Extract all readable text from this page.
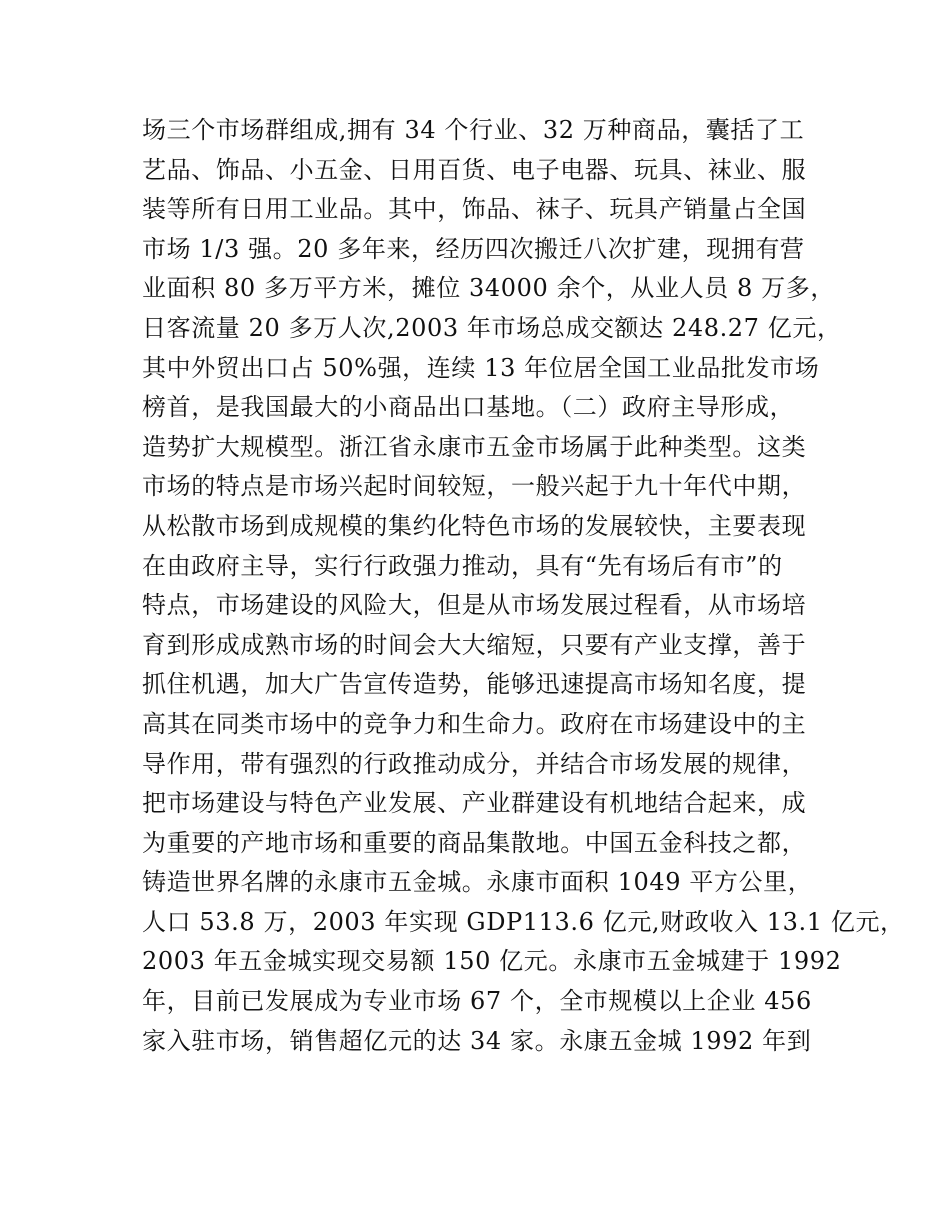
场三个市场群组成,拥有 34 个行业、32 万种商品，囊括了工
艺品、饰品、小五金、日用百货、电子电器、玩具、袜业、服
装等所有日用工业品。其中，饰品、袜子、玩具产销量占全国
市场 1/3 强。20 多年来，经历四次搬迁八次扩建，现拥有营
业面积 80 多万平方米，摊位 34000 余个，从业人员 8 万多，
日客流量 20 多万人次,2003 年市场总成交额达 248.27 亿元，
其中外贸出口占 50%强，连续 13 年位居全国工业品批发市场
榜首，是我国最大的小商品出口基地。（二）政府主导形成，
造势扩大规模型。浙江省永康市五金市场属于此种类型。这类
市场的特点是市场兴起时间较短，一般兴起于九十年代中期，
从松散市场到成规模的集约化特色市场的发展较快，主要表现
在由政府主导，实行行政强力推动，具有“先有场后有市”的
特点，市场建设的风险大，但是从市场发展过程看，从市场培
育到形成成熟市场的时间会大大缩短，只要有产业支撑，善于
抓住机遇，加大广告宣传造势，能够迅速提高市场知名度，提
高其在同类市场中的竞争力和生命力。政府在市场建设中的主
导作用，带有强烈的行政推动成分，并结合市场发展的规律，
把市场建设与特色产业发展、产业群建设有机地结合起来，成
为重要的产地市场和重要的商品集散地。中国五金科技之都，
铸造世界名牌的永康市五金城。永康市面积 1049 平方公里，
人口 53.8 万，2003 年实现 GDP113.6 亿元,财政收入 13.1 亿元，
2003 年五金城实现交易额 150 亿元。永康市五金城建于 1992
年，目前已发展成为专业市场 67 个，全市规模以上企业 456
家入驻市场，销售超亿元的达 34 家。永康五金城 1992 年到
